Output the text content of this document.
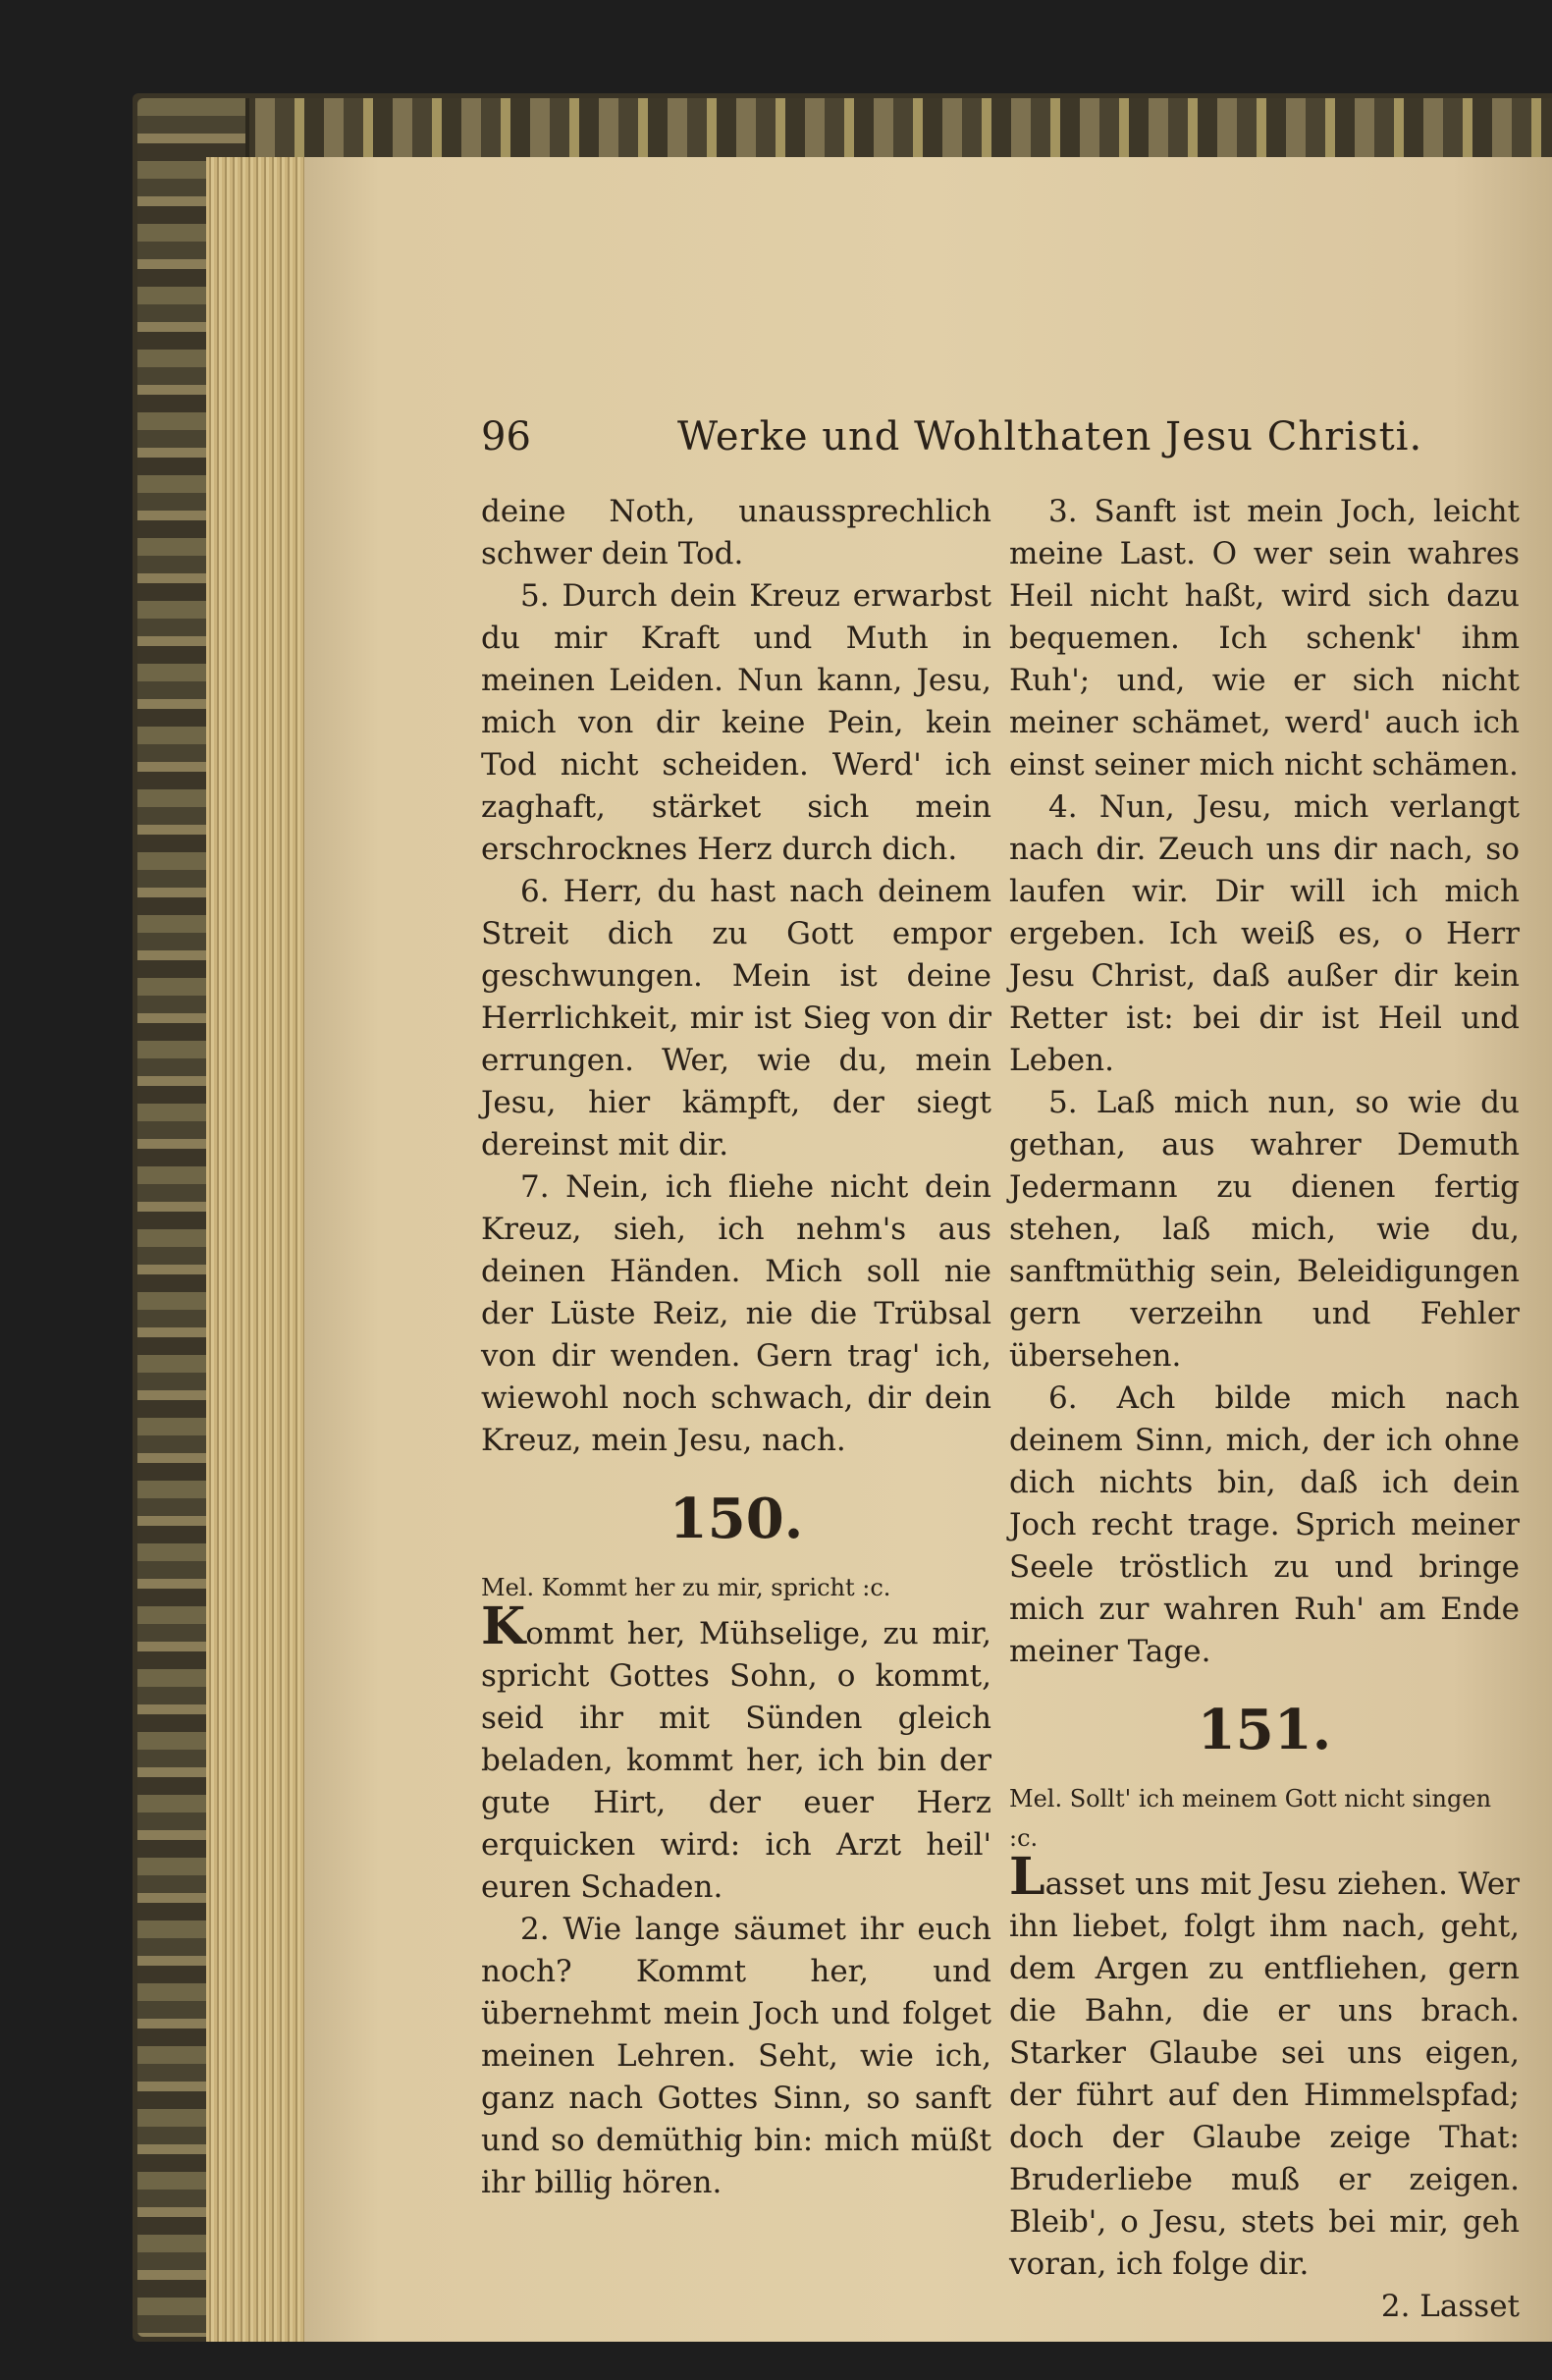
96	Werke und Wohlthaten Jesu Christi.

deine Noth, unaussprechlich schwer dein Tod.

5. Durch dein Kreuz erwarbst du mir Kraft und Muth in meinen Leiden. Nun kann, Jesu, mich von dir keine Pein, kein Tod nicht scheiden. Werd' ich zaghaft, stärket sich mein erschrocknes Herz durch dich.

6. Herr, du hast nach deinem Streit dich zu Gott empor geschwungen. Mein ist deine Herrlichkeit, mir ist Sieg von dir errungen. Wer, wie du, mein Jesu, hier kämpft, der siegt dereinst mit dir.

7. Nein, ich fliehe nicht dein Kreuz, sieh, ich nehm's aus deinen Händen. Mich soll nie der Lüste Reiz, nie die Trübsal von dir wenden. Gern trag' ich, wiewohl noch schwach, dir dein Kreuz, mein Jesu, nach.

150.

Mel. Kommt her zu mir, spricht :c.

Kommt her, Mühselige, zu mir, spricht Gottes Sohn, o kommt, seid ihr mit Sünden gleich beladen, kommt her, ich bin der gute Hirt, der euer Herz erquicken wird: ich Arzt heil' euren Schaden.

2. Wie lange säumet ihr euch noch? Kommt her, und übernehmt mein Joch und folget meinen Lehren. Seht, wie ich, ganz nach Gottes Sinn, so sanft und so demüthig bin: mich müßt ihr billig hören.

3. Sanft ist mein Joch, leicht meine Last. O wer sein wahres Heil nicht haßt, wird sich dazu bequemen. Ich schenk' ihm Ruh'; und, wie er sich nicht meiner schämet, werd' auch ich einst seiner mich nicht schämen.

4. Nun, Jesu, mich verlangt nach dir. Zeuch uns dir nach, so laufen wir. Dir will ich mich ergeben. Ich weiß es, o Herr Jesu Christ, daß außer dir kein Retter ist: bei dir ist Heil und Leben.

5. Laß mich nun, so wie du gethan, aus wahrer Demuth Jedermann zu dienen fertig stehen, laß mich, wie du, sanftmüthig sein, Beleidigungen gern verzeihn und Fehler übersehen.

6. Ach bilde mich nach deinem Sinn, mich, der ich ohne dich nichts bin, daß ich dein Joch recht trage. Sprich meiner Seele tröstlich zu und bringe mich zur wahren Ruh' am Ende meiner Tage.

151.

Mel. Sollt' ich meinem Gott nicht singen :c.

Lasset uns mit Jesu ziehen. Wer ihn liebet, folgt ihm nach, geht, dem Argen zu entfliehen, gern die Bahn, die er uns brach. Starker Glaube sei uns eigen, der führt auf den Himmelspfad; doch der Glaube zeige That: Bruderliebe muß er zeigen. Bleib', o Jesu, stets bei mir, geh voran, ich folge dir.

2. Lasset
